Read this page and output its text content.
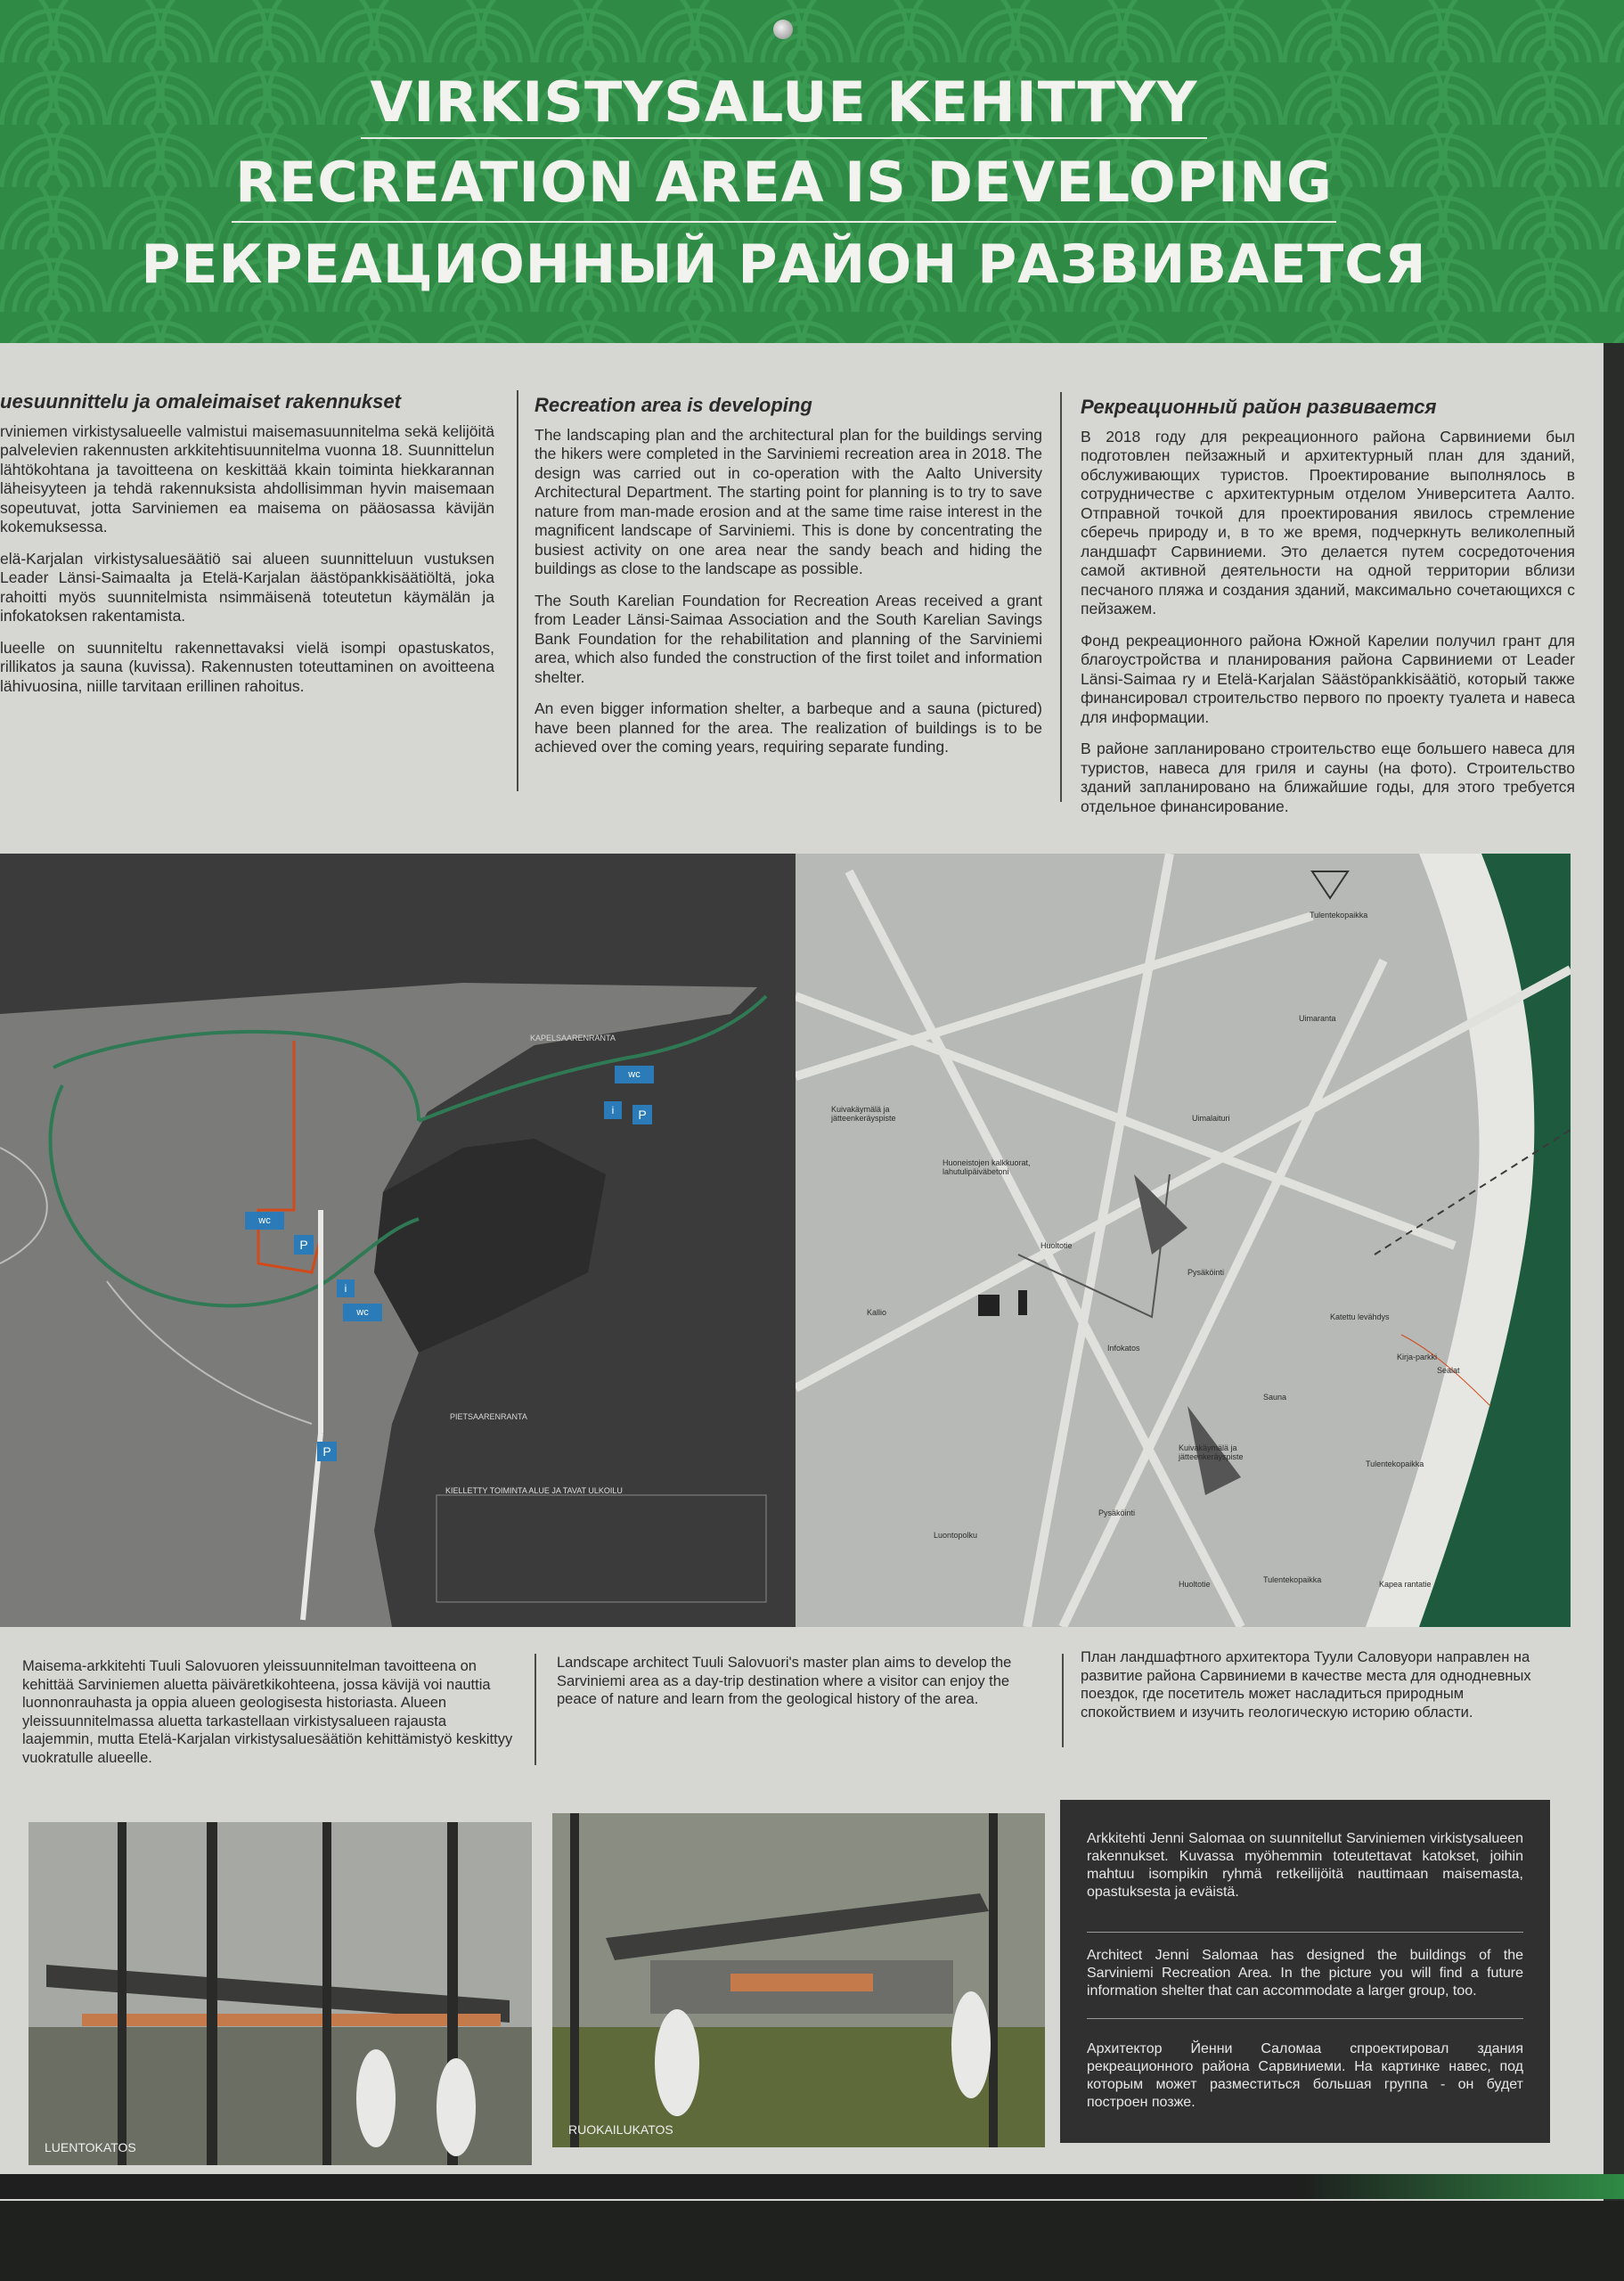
VIRKISTYSALUE KEHITTYY
RECREATION AREA IS DEVELOPING
РЕКРЕАЦИОННЫЙ РАЙОН РАЗВИВАЕТСЯ
uesuunnittelu ja omaleimaiset rakennukset

rviniemen virkistysalueelle valmistui maisemasuunnitelma sekä kelijöitä palvelevien rakennusten arkkitehtisuunnitelma vuonna 18. Suunnittelun lähtökohtana ja tavoitteena on keskittää kkain toiminta hiekkarannan läheisyyteen ja tehdä rakennuksista ahdollisimman hyvin maisemaan sopeutuvat, jotta Sarviniemen ea maisema on pääosassa kävijän kokemuksessa.

elä-Karjalan virkistysaluesäätiö sai alueen suunnitteluun vustuksen Leader Länsi-Saimaalta ja Etelä-Karjalan äästöpankkisäätiöltä, joka rahoitti myös suunnitelmista nsimmäisenä toteutetun käymälän ja infokatoksen rakentamista.

lueelle on suunniteltu rakennettavaksi vielä isompi opastuskatos, rillikatos ja sauna (kuvissa). Rakennusten toteuttaminen on avoitteena lähivuosina, niille tarvitaan erillinen rahoitus.

Recreation area is developing

The landscaping plan and the architectural plan for the buildings serving the hikers were completed in the Sarviniemi recreation area in 2018. The design was carried out in co-operation with the Aalto University Architectural Department. The starting point for planning is to try to save nature from man-made erosion and at the same time raise interest in the magnificent landscape of Sarviniemi. This is done by concentrating the busiest activity on one area near the sandy beach and hiding the buildings as close to the landscape as possible.

The South Karelian Foundation for Recreation Areas received a grant from Leader Länsi-Saimaa Association and the South Karelian Savings Bank Foundation for the rehabilitation and planning of the Sarviniemi area, which also funded the construction of the first toilet and information shelter.

An even bigger information shelter, a barbeque and a sauna (pictured) have been planned for the area. The realization of buildings is to be achieved over the coming years, requiring separate funding.

Рекреационный район развивается

В 2018 году для рекреационного района Сарвиниеми был подготовлен пейзажный и архитектурный план для зданий, обслуживающих туристов. Проектирование выполнялось в сотрудничестве с архитектурным отделом Университета Аалто. Отправной точкой для проектирования явилось стремление сберечь природу и, в то же время, подчеркнуть великолепный ландшафт Сарвиниеми. Это делается путем сосредоточения самой активной деятельности на одной территории вблизи песчаного пляжа и создания зданий, максимально сочетающихся с пейзажем.

Фонд рекреационного района Южной Карелии получил грант для благоустройства и планирования района Сарвиниеми от Leader Länsi-Saimaa ry и Etelä-Karjalan Säästöpankkisäätiö, который также финансировал строительство первого по проекту туалета и навеса для информации.

В районе запланировано строительство еще большего навеса для туристов, навеса для гриля и сауны (на фото). Строительство зданий запланировано на ближайшие годы, для этого требуется отдельное финансирование.

KAPELSAARENRANTA
PIETSAARENRANTA
KIELLETTY TOIMINTA ALUE JA TAVAT ULKOILU
wc
wc
wc
P
P
P
i
i
Tulentekopaikka
Uimaranta
Kuivakäymälä ja jätteenkeräyspiste	Uimalaituri
Huoneistojen kalkkuorat, lahutulipäiväbetoni
Huoltotie
Pysäköinti
Infokatos
Katettu levähdys
Sauna
Kuivakäymälä ja jätteenkeräyspiste
Pysäköinti
Tulentekopaikka
Luontopolku
Kallio
Huoltotie	Kapea rantatie
Tulentekopaikka
Kirja-parkki
Sealat
Maisema-arkkitehti Tuuli Salovuoren yleissuunnitelman tavoitteena on kehittää Sarviniemen aluetta päiväretkikohteena, jossa kävijä voi nauttia luonnonrauhasta ja oppia alueen geologisesta historiasta. Alueen yleissuunnitelmassa aluetta tarkastellaan virkistysalueen rajausta laajemmin, mutta Etelä-Karjalan virkistysaluesäätiön kehittämistyö keskittyy vuokratulle alueelle.
Landscape architect Tuuli Salovuori's master plan aims to develop the Sarviniemi area as a day-trip destination where a visitor can enjoy the peace of nature and learn from the geological history of the area.
План ландшафтного архитектора Туули Саловуори направлен на развитие района Сарвиниеми в качестве места для однодневных поездок, где посетитель может насладиться природным спокойствием и изучить геологическую историю области.
LUENTOKATOS
RUOKAILUKATOS

Arkkitehti Jenni Salomaa on suunnitellut Sarviniemen virkistysalueen rakennukset. Kuvassa myöhemmin toteutettavat katokset, joihin mahtuu isompikin ryhmä retkeilijöitä nauttimaan maisemasta, opastuksesta ja eväistä.

Architect Jenni Salomaa has designed the buildings of the Sarviniemi Recreation Area. In the picture you will find a future information shelter that can accommodate a larger group, too.

Архитектор Йенни Саломаа спроектировал здания рекреационного района Сарвиниеми. На картинке навес, под которым может разместиться большая группа - он будет построен позже.
